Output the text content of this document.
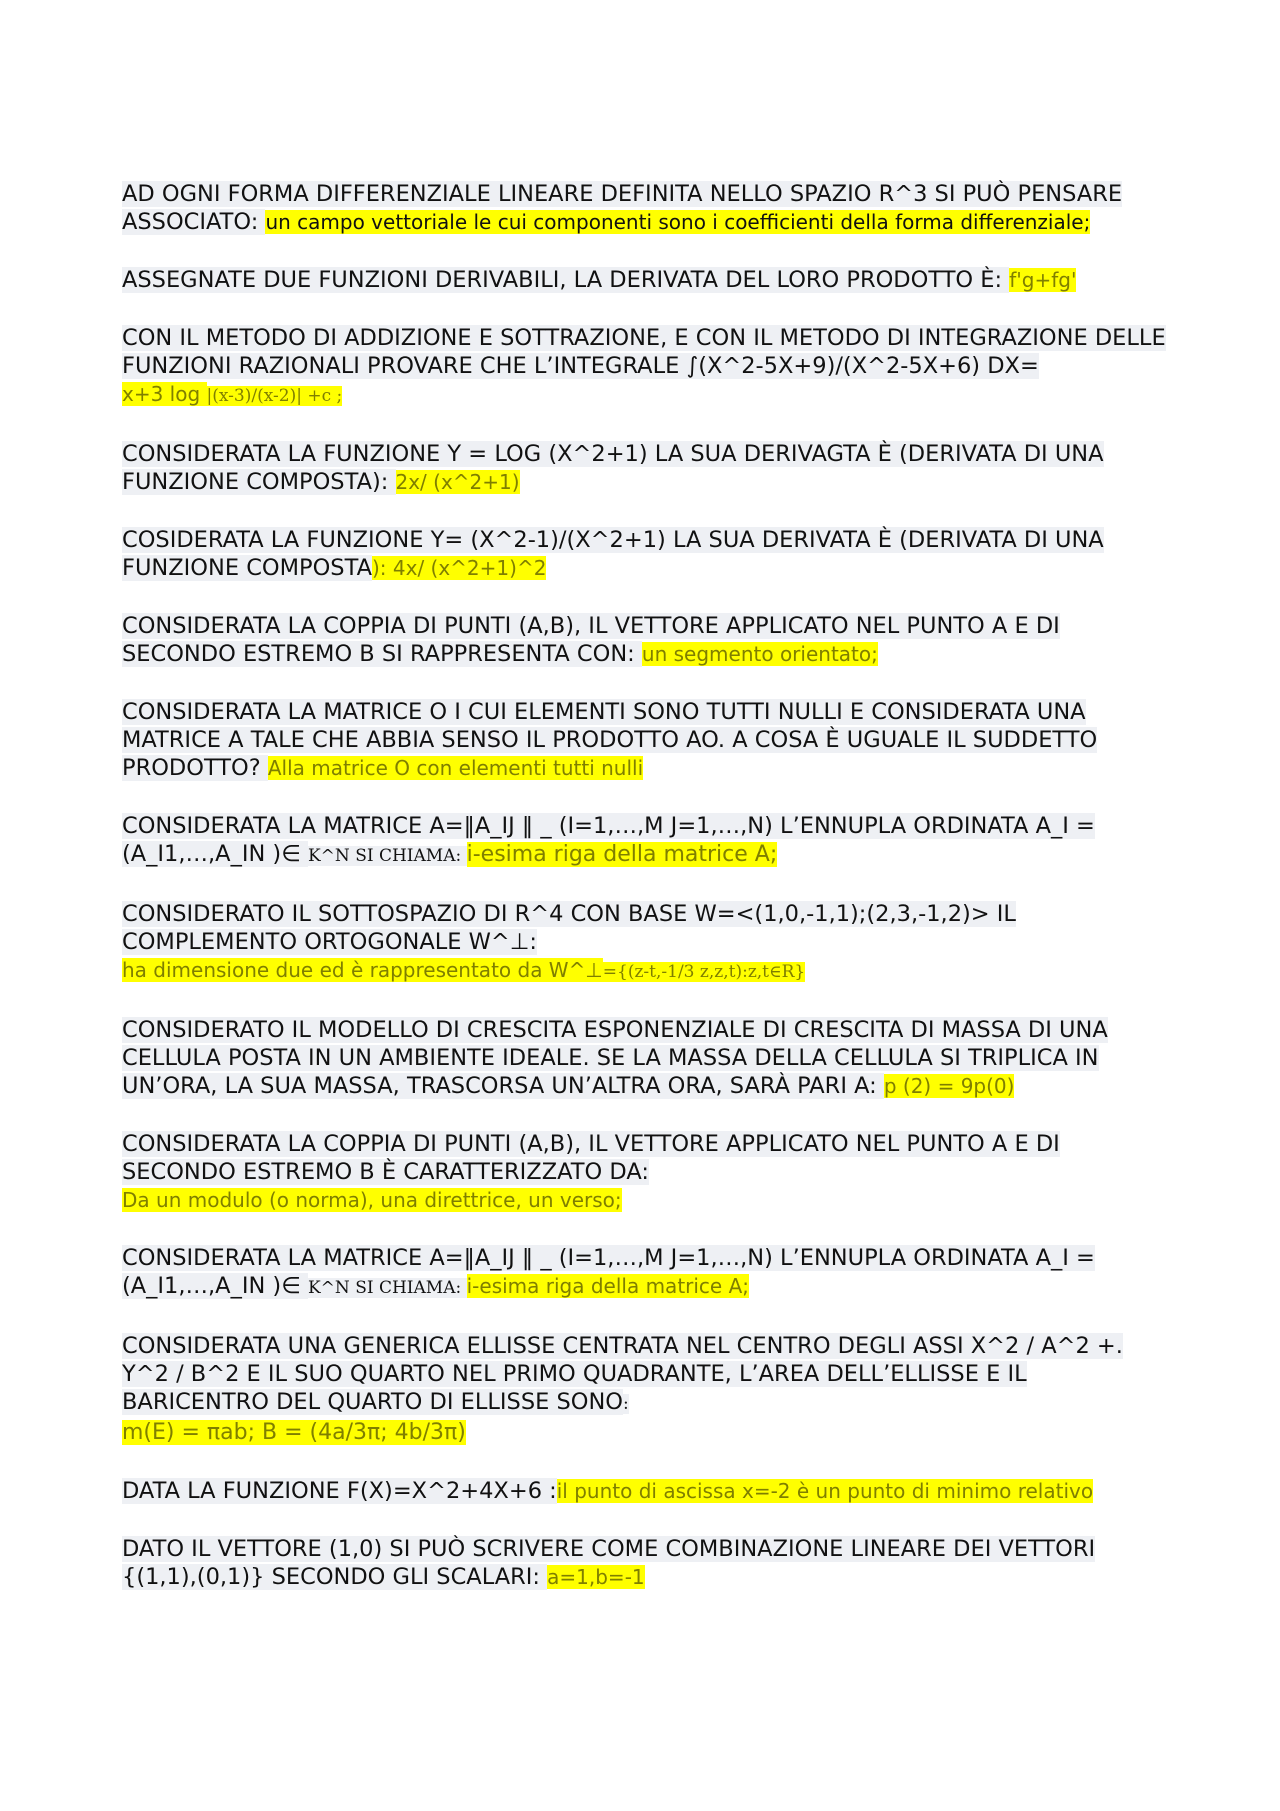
AD OGNI FORMA DIFFERENZIALE LINEARE DEFINITA NELLO SPAZIO R^3 SI PUÒ PENSARE ASSOCIATO: un campo vettoriale le cui componenti sono i coefficienti della forma differenziale;

ASSEGNATE DUE FUNZIONI DERIVABILI, LA DERIVATA DEL LORO PRODOTTO È: f'g+fg'

CON IL METODO DI ADDIZIONE E SOTTRAZIONE, E CON IL METODO DI INTEGRAZIONE DELLE FUNZIONI RAZIONALI PROVARE CHE L’INTEGRALE ∫(X^2-5X+9)/(X^2-5X+6) DX=
x+3 log |(x-3)/(x-2)| +c ;

CONSIDERATA LA FUNZIONE Y = LOG (X^2+1) LA SUA DERIVAGTA È (DERIVATA DI UNA FUNZIONE COMPOSTA): 2x/ (x^2+1)

COSIDERATA LA FUNZIONE Y= (X^2-1)/(X^2+1) LA SUA DERIVATA È (DERIVATA DI UNA FUNZIONE COMPOSTA): 4x/ (x^2+1)^2

CONSIDERATA LA COPPIA DI PUNTI (A,B), IL VETTORE APPLICATO NEL PUNTO A E DI SECONDO ESTREMO B SI RAPPRESENTA CON: un segmento orientato;

CONSIDERATA LA MATRICE O I CUI ELEMENTI SONO TUTTI NULLI E CONSIDERATA UNA MATRICE A TALE CHE ABBIA SENSO IL PRODOTTO AO. A COSA È UGUALE IL SUDDETTO PRODOTTO? Alla matrice O con elementi tutti nulli

CONSIDERATA LA MATRICE A=‖A_IJ ‖ _ (I=1,…,M J=1,…,N) L’ENNUPLA ORDINATA A_I =(A_I1,…,A_IN )∈ K^N SI CHIAMA: i-esima riga della matrice A;

CONSIDERATO IL SOTTOSPAZIO DI R^4 CON BASE W=<(1,0,-1,1);(2,3,-1,2)> IL COMPLEMENTO ORTOGONALE W^⊥:
ha dimensione due ed è rappresentato da W^⊥={(z-t,-1/3 z,z,t):z,t∈R}

CONSIDERATO IL MODELLO DI CRESCITA ESPONENZIALE DI CRESCITA DI MASSA DI UNA CELLULA POSTA IN UN AMBIENTE IDEALE. SE LA MASSA DELLA CELLULA SI TRIPLICA IN UN’ORA, LA SUA MASSA, TRASCORSA UN’ALTRA ORA, SARÀ PARI A: p (2) = 9p(0)

CONSIDERATA LA COPPIA DI PUNTI (A,B), IL VETTORE APPLICATO NEL PUNTO A E DI SECONDO ESTREMO B È CARATTERIZZATO DA:
Da un modulo (o norma), una direttrice, un verso;

CONSIDERATA LA MATRICE A=‖A_IJ ‖ _ (I=1,…,M J=1,…,N) L’ENNUPLA ORDINATA A_I =(A_I1,…,A_IN )∈ K^N SI CHIAMA: i-esima riga della matrice A;

CONSIDERATA UNA GENERICA ELLISSE CENTRATA NEL CENTRO DEGLI ASSI X^2 / A^2 +. Y^2 / B^2 E IL SUO QUARTO NEL PRIMO QUADRANTE, L’AREA DELL’ELLISSE E IL BARICENTRO DEL QUARTO DI ELLISSE SONO:
m(E) = πab; B = (4a/3π; 4b/3π)

DATA LA FUNZIONE F(X)=X^2+4X+6 :il punto di ascissa x=-2 è un punto di minimo relativo

DATO IL VETTORE (1,0) SI PUÒ SCRIVERE COME COMBINAZIONE LINEARE DEI VETTORI {(1,1),(0,1)} SECONDO GLI SCALARI: a=1,b=-1
